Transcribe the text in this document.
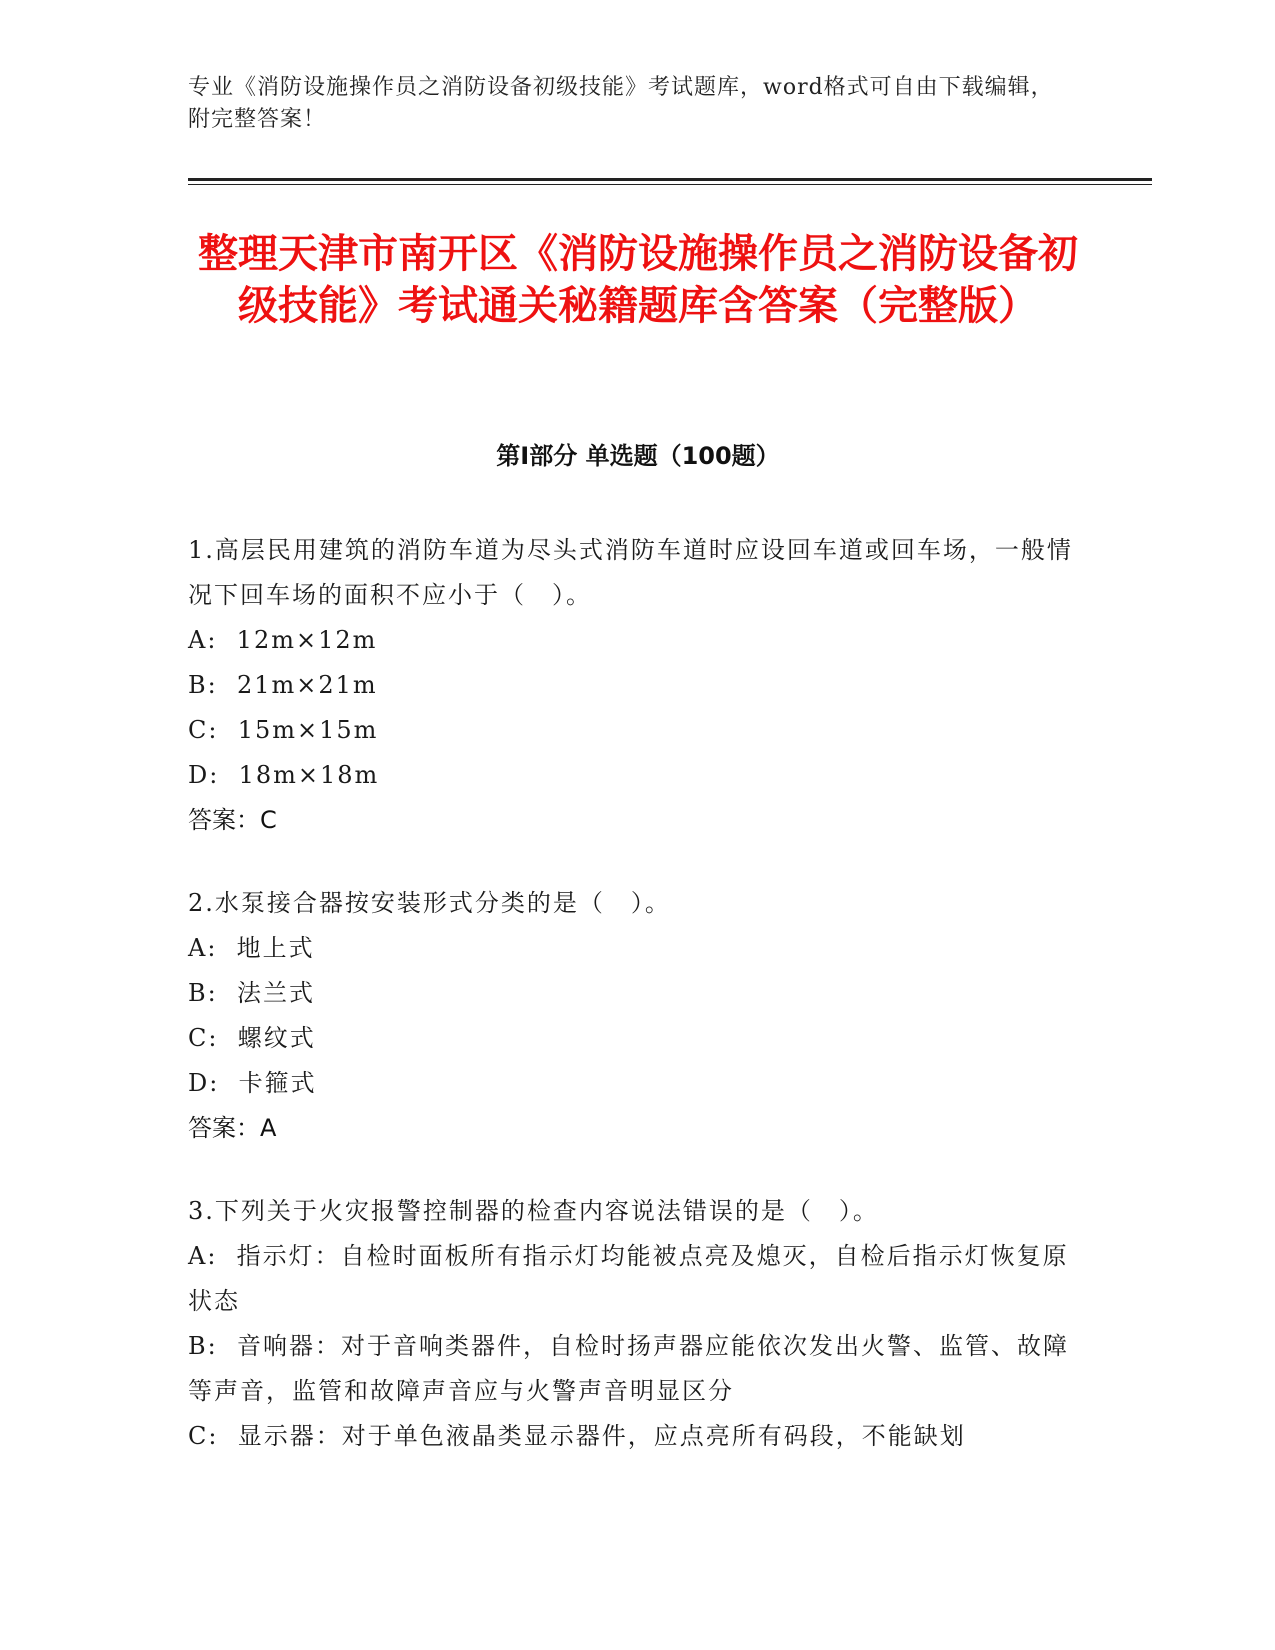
专业《消防设施操作员之消防设备初级技能》考试题库，word格式可自由下载编辑，附完整答案！
整理天津市南开区《消防设施操作员之消防设备初级技能》考试通关秘籍题库含答案（完整版）
第I部分 单选题（100题）
1.高层民用建筑的消防车道为尽头式消防车道时应设回车道或回车场，一般情况下回车场的面积不应小于（　）。
A:  12m×12m
B:  21m×21m
C:  15m×15m
D:  18m×18m
答案：C
2.水泵接合器按安装形式分类的是（　）。
A:  地上式
B:  法兰式
C:  螺纹式
D:  卡箍式
答案：A
3.下列关于火灾报警控制器的检查内容说法错误的是（　）。
A:  指示灯：自检时面板所有指示灯均能被点亮及熄灭，自检后指示灯恢复原状态
B:  音响器：对于音响类器件，自检时扬声器应能依次发出火警、监管、故障等声音，监管和故障声音应与火警声音明显区分
C:  显示器：对于单色液晶类显示器件，应点亮所有码段，不能缺划
